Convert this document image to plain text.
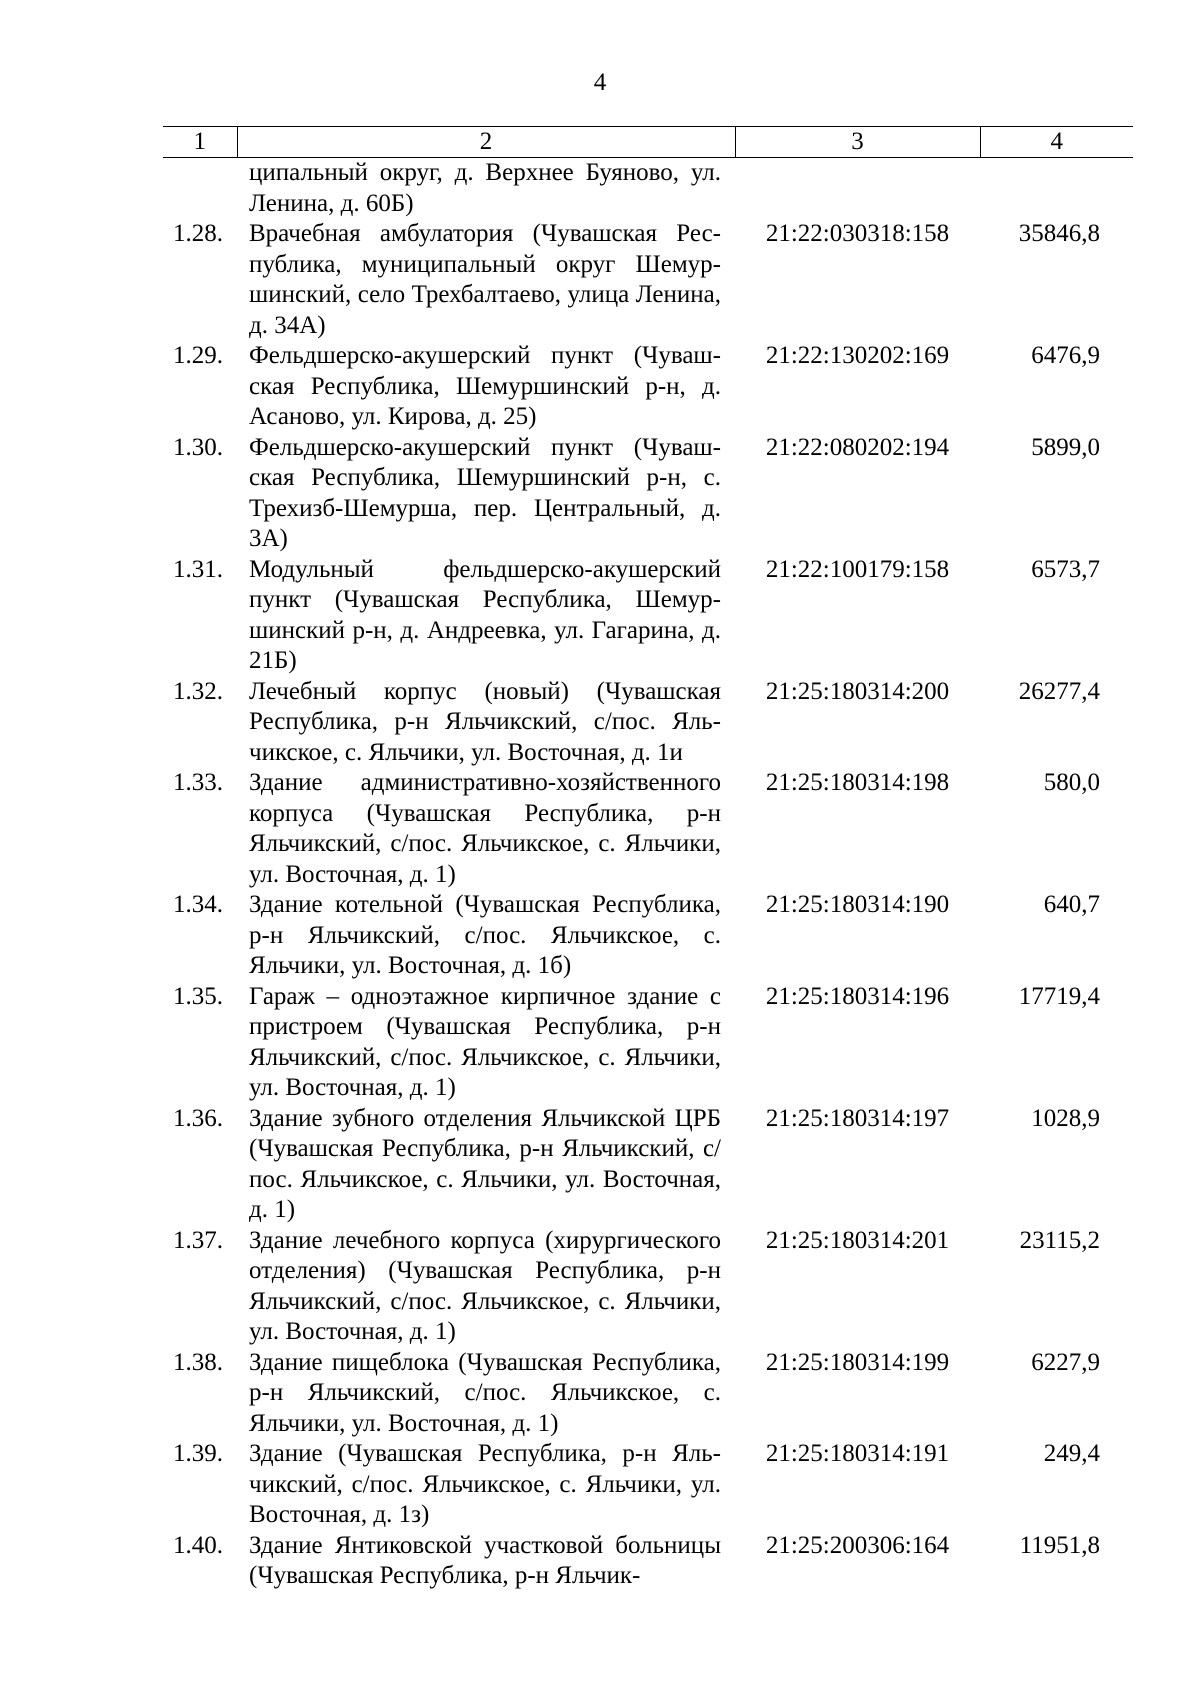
4
1	2	3	4
	ципальный округ, д. Верхнее Буяново, ул. Ленина, д. 60Б)		
1.28.	Врачебная амбулатория (Чувашская Республика, муниципальный округ Шемуршинский, село Трехбалтаево, улица Ленина, д. 34А)	21:22:030318:158	35846,8
1.29.	Фельдшерско-акушерский пункт (Чувашская Республика, Шемуршинский р-н, д. Асаново, ул. Кирова, д. 25)	21:22:130202:169	6476,9
1.30.	Фельдшерско-акушерский пункт (Чувашская Республика, Шемуршинский р-н, с. Трехизб-Шемурша, пер. Центральный, д. 3А)	21:22:080202:194	5899,0
1.31.	Модульный фельдшерско-акушерский пункт (Чувашская Республика, Шемуршинский р-н, д. Андреевка, ул. Гагарина, д. 21Б)	21:22:100179:158	6573,7
1.32.	Лечебный корпус (новый) (Чувашская Республика, р-н Яльчикский, с/пос. Яльчикское, с. Яльчики, ул. Восточная, д. 1и	21:25:180314:200	26277,4
1.33.	Здание административно-хозяйственного корпуса (Чувашская Республика, р-н Яльчикский, с/пос. Яльчикское, с. Яльчики, ул. Восточная, д. 1)	21:25:180314:198	580,0
1.34.	Здание котельной (Чувашская Республика, р-н Яльчикский, с/пос. Яльчикское, с. Яльчики, ул. Восточная, д. 1б)	21:25:180314:190	640,7
1.35.	Гараж – одноэтажное кирпичное здание с пристроем (Чувашская Республика, р-н Яльчикский, с/пос. Яльчикское, с. Яльчики, ул. Восточная, д. 1)	21:25:180314:196	17719,4
1.36.	Здание зубного отделения Яльчикской ЦРБ (Чувашская Республика, р-н Яльчикский, с/пос. Яльчикское, с. Яльчики, ул. Восточная, д. 1)	21:25:180314:197	1028,9
1.37.	Здание лечебного корпуса (хирургического отделения) (Чувашская Республика, р-н Яльчикский, с/пос. Яльчикское, с. Яльчики, ул. Восточная, д. 1)	21:25:180314:201	23115,2
1.38.	Здание пищеблока (Чувашская Республика, р-н Яльчикский, с/пос. Яльчикское, с. Яльчики, ул. Восточная, д. 1)	21:25:180314:199	6227,9
1.39.	Здание (Чувашская Республика, р-н Яльчикский, с/пос. Яльчикское, с. Яльчики, ул. Восточная, д. 1з)	21:25:180314:191	249,4
1.40.	Здание Янтиковской участковой больницы (Чувашская Республика, р-н Яльчик-	21:25:200306:164	11951,8
